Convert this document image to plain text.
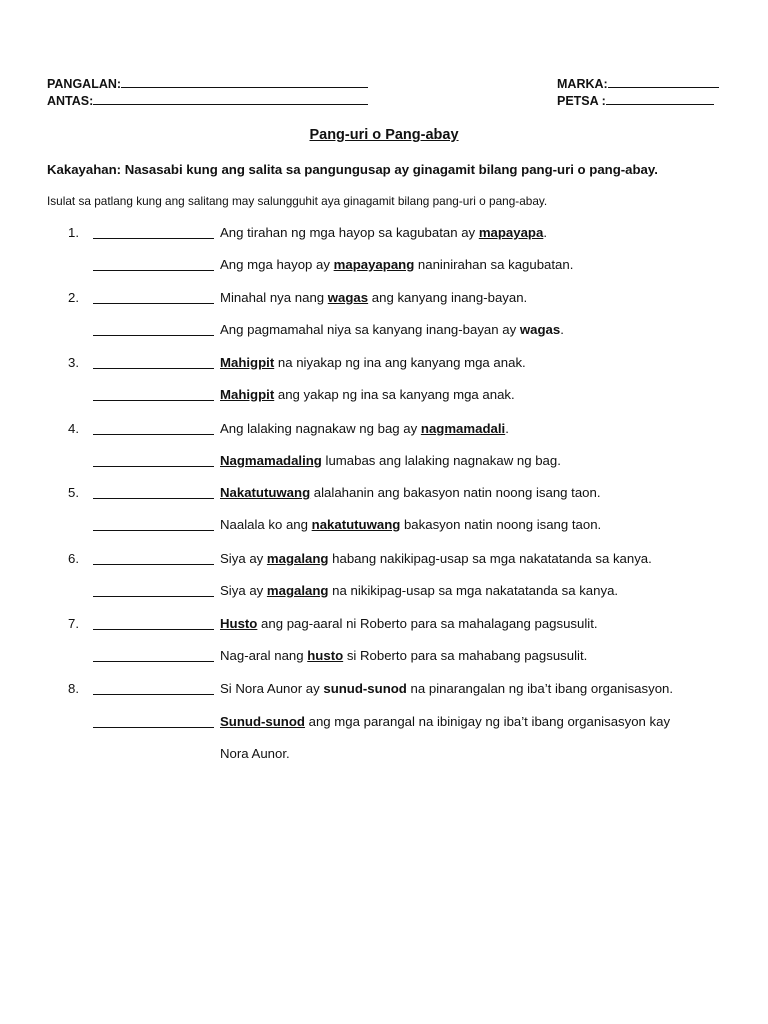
PANGALAN:
ANTAS:
MARKA:
PETSA :
Pang-uri o Pang-abay
Kakayahan: Nasasabi kung ang salita sa pangungusap ay ginagamit bilang pang-uri o pang-abay.
Isulat sa patlang kung ang salitang may salungguhit aya ginagamit bilang pang-uri o pang-abay.
1.	Ang tirahan ng mga hayop sa kagubatan ay mapayapa.
Ang mga hayop ay mapayapang naninirahan sa kagubatan.
2.	Minahal nya nang wagas ang kanyang inang-bayan.
Ang pagmamahal niya sa kanyang inang-bayan ay wagas.
3.	Mahigpit na niyakap ng ina ang kanyang mga anak.
Mahigpit ang yakap ng ina sa kanyang mga anak.
4.	Ang lalaking nagnakaw ng bag ay nagmamadali.
Nagmamadaling lumabas ang lalaking nagnakaw ng bag.
5.	Nakatutuwang alalahanin ang bakasyon natin noong isang taon.
Naalala ko ang nakatutuwang bakasyon natin noong isang taon.
6.	Siya ay magalang habang nakikipag-usap sa mga nakatatanda sa kanya.
Siya ay magalang na nikikipag-usap sa mga nakatatanda sa kanya.
7.	Husto ang pag-aaral ni Roberto para sa mahalagang pagsusulit.
Nag-aral nang husto si Roberto para sa mahabang pagsusulit.
8.	Si Nora Aunor ay sunud-sunod na pinarangalan ng iba’t ibang organisasyon.
Sunud-sunod ang mga parangal na ibinigay ng iba’t ibang organisasyon kay
Nora Aunor.
